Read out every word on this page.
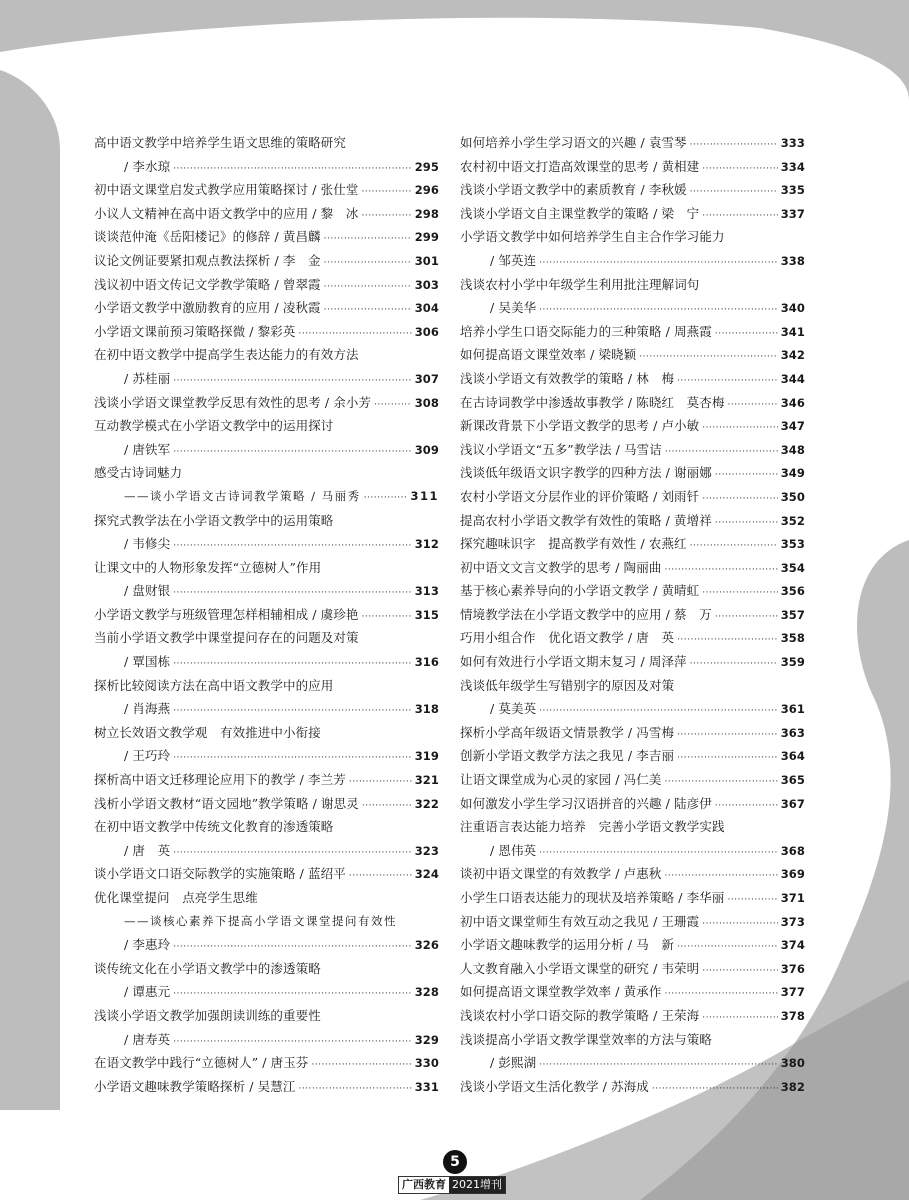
高中语文教学中培养学生语文思维的策略研究
/ 李水琼 ·····	295
初中语文课堂启发式教学应用策略探讨 / 张仕堂 ·····	296
小议人文精神在高中语文教学中的应用 / 黎　冰 ·····	298
谈谈范仲淹《岳阳楼记》的修辞 / 黄昌麟 ·····	299
议论文例证要紧扣观点教法探析 / 李　金 ·····	301
浅议初中语文传记文学教学策略 / 曾翠霞 ·····	303
小学语文教学中激励教育的应用 / 凌秋霞 ·····	304
小学语文课前预习策略探微 / 黎彩英 ·····	306
在初中语文教学中提高学生表达能力的有效方法
/ 苏桂丽 ·····	307
浅谈小学语文课堂教学反思有效性的思考 / 余小芳 ·····	308
互动教学模式在小学语文教学中的运用探讨
/ 唐铁军 ·····	309
感受古诗词魅力
——谈小学语文古诗词教学策略 / 马丽秀 ·····	311
探究式教学法在小学语文教学中的运用策略
/ 韦修尖 ·····	312
让课文中的人物形象发挥“立德树人”作用
/ 盘财银 ·····	313
小学语文教学与班级管理怎样相辅相成 / 虞珍艳 ·····	315
当前小学语文教学中课堂提问存在的问题及对策
/ 覃国栋 ·····	316
探析比较阅读方法在高中语文教学中的应用
/ 肖海燕 ·····	318
树立长效语文教学观　有效推进中小衔接
/ 王巧玲 ·····	319
探析高中语文迁移理论应用下的教学 / 李兰芳 ·····	321
浅析小学语文教材“语文园地”教学策略 / 谢思灵 ·····	322
在初中语文教学中传统文化教育的渗透策略
/ 唐　英 ·····	323
谈小学语文口语交际教学的实施策略 / 蓝绍平 ·····	324
优化课堂提问　点亮学生思维
——谈核心素养下提高小学语文课堂提问有效性
/ 李惠玲 ·····	326
谈传统文化在小学语文教学中的渗透策略
/ 谭惠元 ·····	328
浅谈小学语文教学加强朗读训练的重要性
/ 唐寿英 ·····	329
在语文教学中践行“立德树人” / 唐玉芬 ·····	330
小学语文趣味教学策略探析 / 吴慧江 ·····	331
如何培养小学生学习语文的兴趣 / 袁雪琴 ·····	333
农村初中语文打造高效课堂的思考 / 黄相建 ·····	334
浅谈小学语文教学中的素质教育 / 李秋媛 ·····	335
浅谈小学语文自主课堂教学的策略 / 梁　宁 ·····	337
小学语文教学中如何培养学生自主合作学习能力
/ 邹英连 ·····	338
浅谈农村小学中年级学生利用批注理解词句
/ 吴美华 ·····	340
培养小学生口语交际能力的三种策略 / 周燕霞 ·····	341
如何提高语文课堂效率 / 梁晓颖 ·····	342
浅谈小学语文有效教学的策略 / 林　梅 ·····	344
在古诗词教学中渗透故事教学 / 陈晓红　莫杏梅 ·····	346
新课改背景下小学语文教学的思考 / 卢小敏 ·····	347
浅议小学语文“五多”教学法 / 马雪诘 ·····	348
浅谈低年级语文识字教学的四种方法 / 谢丽娜 ·····	349
农村小学语文分层作业的评价策略 / 刘雨钎 ·····	350
提高农村小学语文教学有效性的策略 / 黄增祥 ·····	352
探究趣味识字　提高教学有效性 / 农燕红 ·····	353
初中语文文言文教学的思考 / 陶丽曲 ·····	354
基于核心素养导向的小学语文教学 / 黄晴虹 ·····	356
情境教学法在小学语文教学中的应用 / 蔡　万 ·····	357
巧用小组合作　优化语文教学 / 唐　英 ·····	358
如何有效进行小学语文期末复习 / 周泽萍 ·····	359
浅谈低年级学生写错别字的原因及对策
/ 莫美英 ·····	361
探析小学高年级语文情景教学 / 冯雪梅 ·····	363
创新小学语文教学方法之我见 / 李吉丽 ·····	364
让语文课堂成为心灵的家园 / 冯仁美 ·····	365
如何激发小学生学习汉语拼音的兴趣 / 陆彦伊 ·····	367
注重语言表达能力培养　完善小学语文教学实践
/ 恩伟英 ·····	368
谈初中语文课堂的有效教学 / 卢惠秋 ·····	369
小学生口语表达能力的现状及培养策略 / 李华丽 ·····	371
初中语文课堂师生有效互动之我见 / 王珊霞 ·····	373
小学语文趣味教学的运用分析 / 马　新 ·····	374
人文教育融入小学语文课堂的研究 / 韦荣明 ·····	376
如何提高语文课堂教学效率 / 黄承作 ·····	377
浅谈农村小学口语交际的教学策略 / 王荣海 ·····	378
浅谈提高小学语文教学课堂效率的方法与策略
/ 彭熙湖 ·····	380
浅谈小学语文生活化教学 / 苏海成 ·····	382
5
广西教育 2021增刊
